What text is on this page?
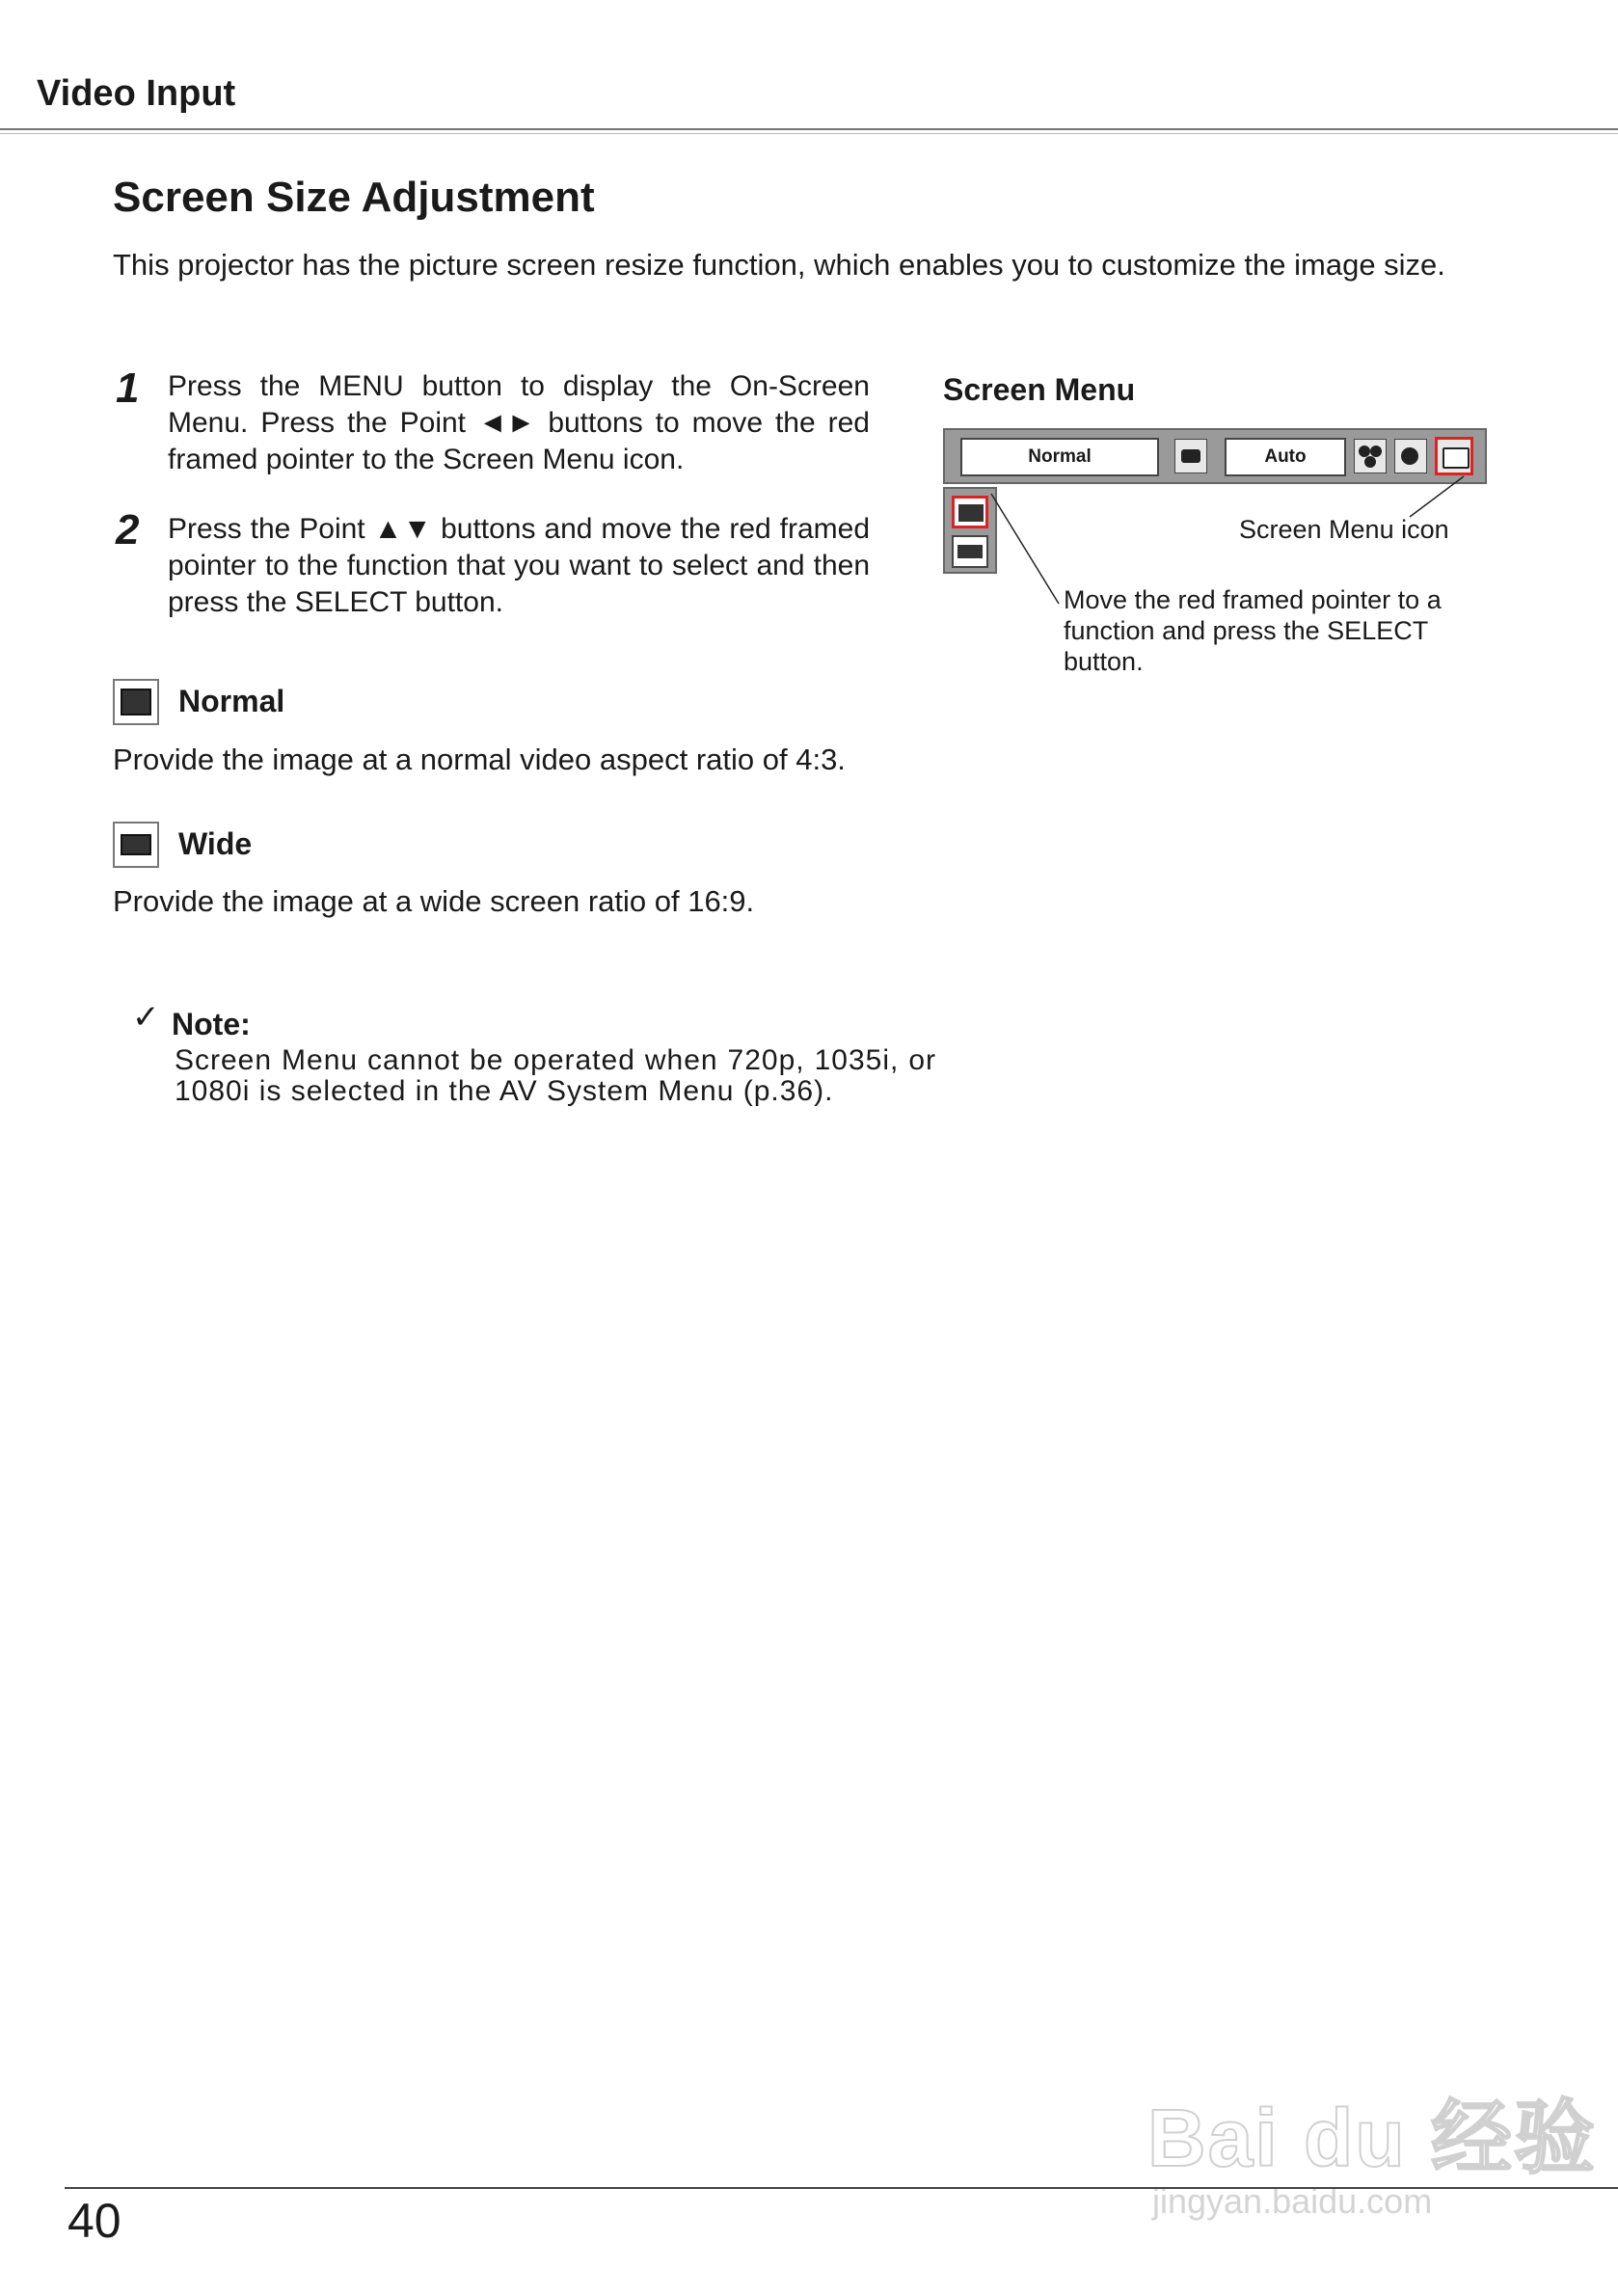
Video Input
Screen Size Adjustment
This projector has the picture screen resize function, which enables you to customize the image size.
1 Press the MENU button to display the On-Screen Menu. Press the Point ◄► buttons to move the red framed pointer to the Screen Menu icon.
2 Press the Point ▲▼ buttons and move the red framed pointer to the function that you want to select and then press the SELECT button.
Normal
Provide the image at a normal video aspect ratio of 4:3.
Wide
Provide the image at a wide screen ratio of 16:9.
✓ Note:
Screen Menu cannot be operated when 720p, 1035i, or 1080i is selected in the AV System Menu (p.36).
Screen Menu
Normal	Auto
Screen Menu icon
Move the red framed pointer to a function and press the SELECT button.
Bai du 经验
jingyan.baidu.com
40
